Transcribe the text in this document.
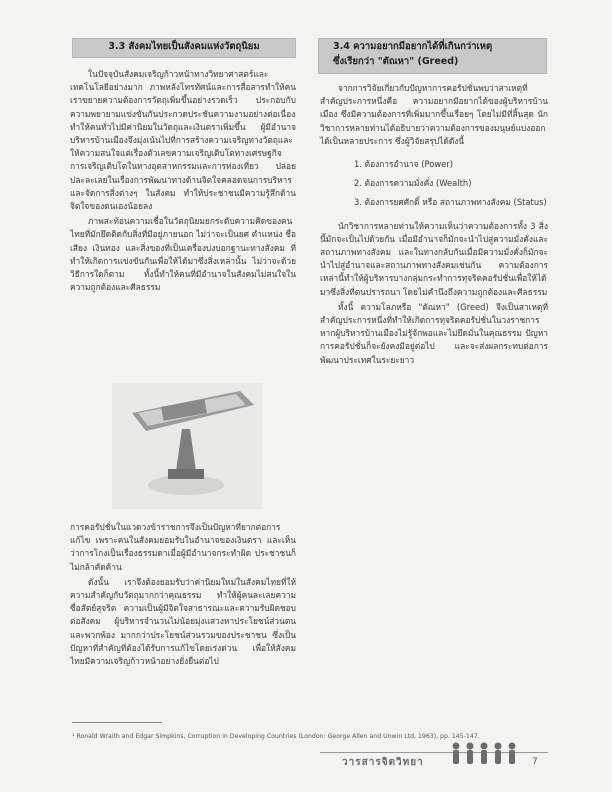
3.3 สังคมไทยเป็นสังคมแห่งวัตถุนิยม

ในปัจจุบันสังคมเจริญก้าวหน้าทางวิทยาศาสตร์และเทคโนโลยีอย่างมาก ภาพหลังโทรทัศน์และการสื่อสารทำให้คนเราขยายความต้องการวัตถุเพิ่มขึ้นอย่างรวดเร็ว ประกอบกับความพยายามแข่งขันกันประกวดประชันความงามอย่างต่อเนื่อง ทำให้คนทั่วไปมีค่านิยมในวัตถุและเงินตราเพิ่มขึ้น ผู้มีอำนาจบริหารบ้านเมืองจึงมุ่งเน้นไปที่การสร้างความเจริญทางวัตถุและให้ความสนใจแต่เรื่องตัวเลขความเจริญเติบโตทางเศรษฐกิจ การเจริญเติบโตในทางอุตสาหกรรมและการท่องเที่ยว ปล่อยปละละเลยในเรื่องการพัฒนาทางด้านจิตใจคลอดจนการบริหารและจัดการสิ่งต่างๆ ในสังคม ทำให้ประชาชนมีความรู้สึกด้านจิตใจของตนเองน้อยลง

ภาพสะท้อนความเชื่อในวัตถุนิยมยกระดับความคิดของคนไทยที่มักยึดติดกับสิ่งที่มีอยู่ภายนอก ไม่ว่าจะเป็นยศ ตำแหน่ง ชื่อเสียง เงินทอง และสิ่งของที่เป็นเครื่องบ่งบอกฐานะทางสังคม ที่ทำให้เกิดการแข่งขันกันเพื่อให้ได้มาซึ่งสิ่งเหล่านั้น ไม่ว่าจะด้วยวิธีการใดก็ตาม ทั้งนี้ทำให้คนที่มีอำนาจในสังคมไม่สนใจในความถูกต้องและศีลธรรม

การคอรัปชั่นในแวดวงข้าราชการจึงเป็นปัญหาที่ยากต่อการแก้ไข เพราะคนในสังคมยอมรับในอำนาจของเงินตรา และเห็นว่าการโกงเป็นเรื่องธรรมดาเมื่อผู้มีอำนาจกระทำผิด ประชาชนก็ไม่กล้าคัดค้าน

ดังนั้น เราจึงต้องยอมรับว่าค่านิยมใหม่ในสังคมไทยที่ให้ความสำคัญกับวัตถุมากกว่าคุณธรรม ทำให้ผู้คนละเลยความซื่อสัตย์สุจริต ความเป็นผู้มีจิตใจสาธารณะและความรับผิดชอบต่อสังคม ผู้บริหารจำนวนไม่น้อยมุ่งแสวงหาประโยชน์ส่วนตนและพวกพ้อง มากกว่าประโยชน์ส่วนรวมของประชาชน ซึ่งเป็นปัญหาที่สำคัญที่ต้องได้รับการแก้ไขโดยเร่งด่วน เพื่อให้สังคมไทยมีความเจริญก้าวหน้าอย่างยั่งยืนต่อไป

3.4 ความอยากมีอยากได้ที่เกินกว่าเหตุ
ซึ่งเรียกว่า "ตัณหา" (Greed)

จากการวิจัยเกี่ยวกับปัญหาการคอรัปชั่นพบว่าสาเหตุที่สำคัญประการหนึ่งคือ ความอยากมีอยากได้ของผู้บริหารบ้านเมือง ซึ่งมีความต้องการที่เพิ่มมากขึ้นเรื่อยๆ โดยไม่มีที่สิ้นสุด นักวิชาการหลายท่านได้อธิบายว่าความต้องการของมนุษย์แบ่งออกได้เป็นหลายประการ ซึ่งผู้วิจัยสรุปได้ดังนี้

1. ต้องการอำนาจ (Power)
2. ต้องการความมั่งคั่ง (Wealth)
3. ต้องการยศศักดิ์ หรือ สถานภาพทางสังคม (Status)

นักวิชาการหลายท่านให้ความเห็นว่าความต้องการทั้ง 3 สิ่งนี้มักจะเป็นไปด้วยกัน เมื่อมีอำนาจก็มักจะนำไปสู่ความมั่งคั่งและสถานภาพทางสังคม และในทางกลับกันเมื่อมีความมั่งคั่งก็มักจะนำไปสู่อำนาจและสถานภาพทางสังคมเช่นกัน ความต้องการเหล่านี้ทำให้ผู้บริหารบางกลุ่มกระทำการทุจริตคอรัปชั่นเพื่อให้ได้มาซึ่งสิ่งที่ตนปรารถนา โดยไม่คำนึงถึงความถูกต้องและศีลธรรม

ทั้งนี้ ความโลภหรือ "ตัณหา" (Greed) จึงเป็นสาเหตุที่สำคัญประการหนึ่งที่ทำให้เกิดการทุจริตคอรัปชั่นในวงราชการ หากผู้บริหารบ้านเมืองไม่รู้จักพอและไม่ยึดมั่นในคุณธรรม ปัญหาการคอรัปชั่นก็จะยังคงมีอยู่ต่อไป และจะส่งผลกระทบต่อการพัฒนาประเทศในระยะยาว

¹ Ronald Wraith and Edgar Simpkins, Corruption in Developing Countries (London: George Allen and Unwin Ltd, 1963), pp. 145-147.
วารสารจิตวิทยา	7
